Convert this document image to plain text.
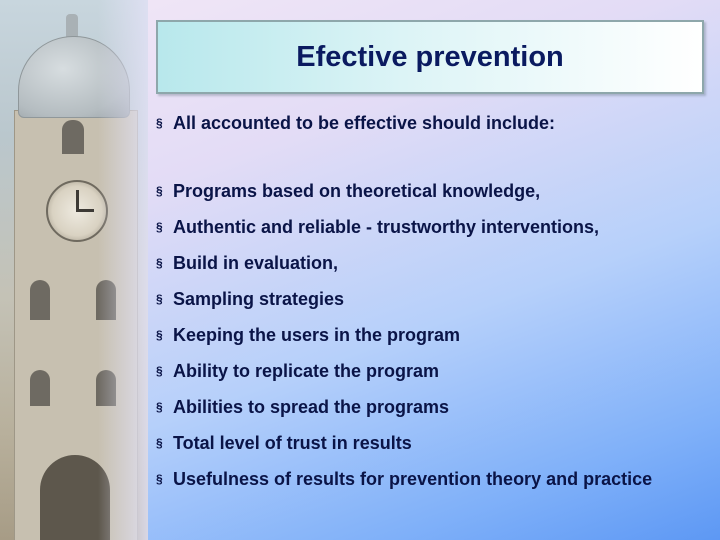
Efective prevention
§ All accounted to be effective should include:
§ Programs based on theoretical knowledge,
§ Authentic and reliable - trustworthy interventions,
§ Build in evaluation,
§ Sampling strategies
§ Keeping the users in the program
§ Ability to replicate the program
§ Abilities to spread the programs
§ Total level of trust in results
§ Usefulness of results for prevention theory and practice
